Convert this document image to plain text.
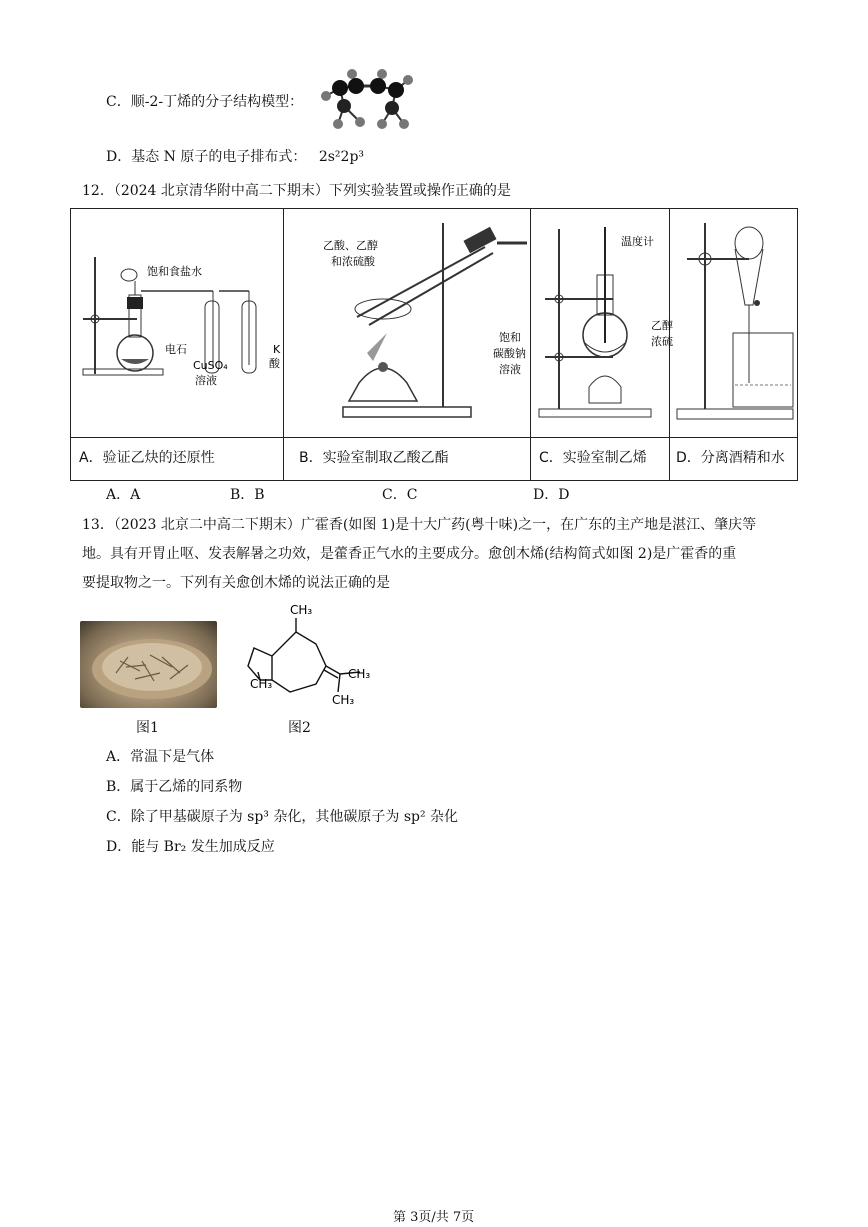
C．顺-2-丁烯的分子结构模型：
D．基态 N 原子的电子排布式： 2s²2p³
12．（2024 北京清华附中高二下期末）下列实验装置或操作正确的是
饱和食盐水
电石
CuSO₄
溶液
K
酸
乙酸、乙醇
和浓硫酸
饱和
碳酸钠
溶液
温度计
乙醇
浓硫
A．验证乙炔的还原性	B．实验室制取乙酸乙酯	C．实验室制乙烯 D．分离酒精和水
A．A	B．B	C．C	D．D
13．（2023 北京二中高二下期末）广霍香(如图 1)是十大广药(粤十味)之一，在广东的主产地是湛江、肇庆等
地。具有开胃止呕、发表解暑之功效，是藿香正气水的主要成分。愈创木烯(结构简式如图 2)是广霍香的重
要提取物之一。下列有关愈创木烯的说法正确的是
图1
CH₃
CH₃
CH₃
CH₃
图2
A．常温下是气体
B．属于乙烯的同系物
C．除了甲基碳原子为 sp³ 杂化，其他碳原子为 sp² 杂化
D．能与 Br₂ 发生加成反应
第 3页/共 7页
